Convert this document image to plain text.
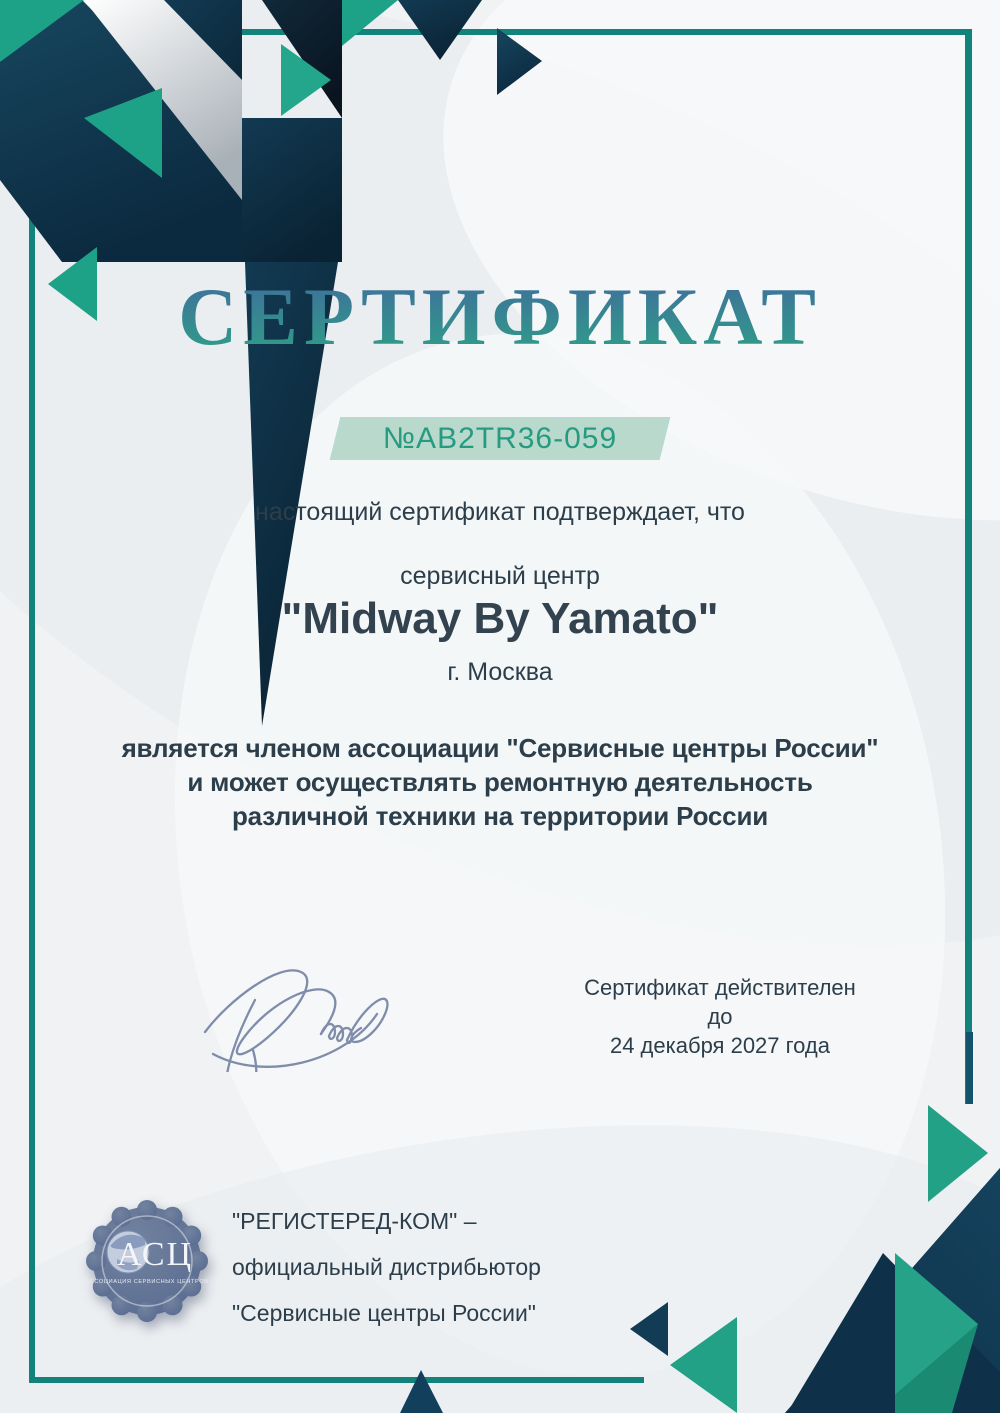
СЕРТИФИКАТ
№AB2TR36-059
настоящий сертификат подтверждает, что
сервисный центр
"Midway By Yamato"
г. Москва
является членом ассоциации "Сервисные центры России"
и может осуществлять ремонтную деятельность
различной техники на территории России
Сертификат действителен до
24 декабря 2027 года
АСЦ
АССОЦИАЦИЯ СЕРВИСНЫХ ЦЕНТРОВ
"РЕГИСТЕРЕД-КОМ" –
официальный дистрибьютор
"Сервисные центры России"
